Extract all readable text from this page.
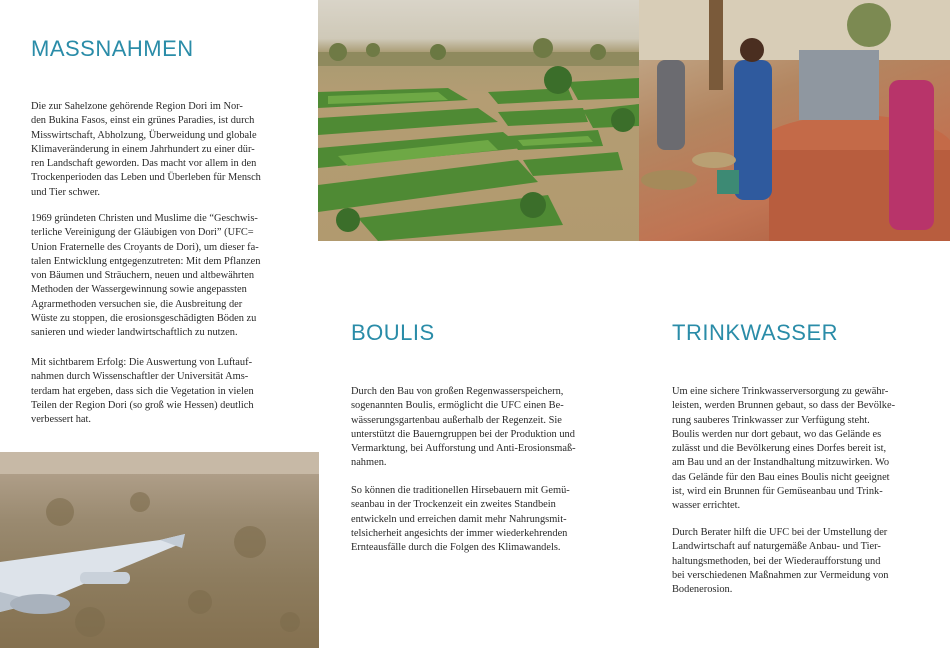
MASSNAHMEN

Die zur Sahelzone gehörende Region Dori im Nor-
den Bukina Fasos, einst ein grünes Paradies, ist durch
Misswirtschaft, Abholzung, Überweidung und globale
Klimaveränderung in einem Jahrhundert zu einer dür-
ren Landschaft geworden. Das macht vor allem in den
Trockenperioden das Leben und Überleben für Mensch
und Tier schwer.

1969 gründeten Christen und Muslime die “Geschwis-
terliche Vereinigung der Gläubigen von Dori” (UFC=
Union Fraternelle des Croyants de Dori), um dieser fa-
talen Entwicklung entgegenzutreten: Mit dem Pflanzen
von Bäumen und Sträuchern, neuen und altbewährten
Methoden der Wassergewinnung sowie angepassten
Agrarmethoden versuchen sie, die Ausbreitung der
Wüste zu stoppen, die erosionsgeschädigten Böden zu
sanieren und wieder landwirtschaftlich zu nutzen.

Mit sichtbarem Erfolg: Die Auswertung von Luftauf-
nahmen durch Wissenschaftler der Universität Ams-
terdam hat ergeben, dass sich die Vegetation in vielen
Teilen der Region Dori (so groß wie Hessen) deutlich
verbessert hat.

BOULIS

Durch den Bau von großen Regenwasserspeichern,
sogenannten Boulis, ermöglicht die UFC einen Be-
wässerungsgartenbau außerhalb der Regenzeit. Sie
unterstützt die Bauerngruppen bei der Produktion und
Vermarktung, bei Aufforstung und Anti-Erosionsmaß-
nahmen.

So können die traditionellen Hirsebauern mit Gemü-
seanbau in der Trockenzeit ein zweites Standbein
entwickeln und erreichen damit mehr Nahrungsmit-
telsicherheit angesichts der immer wiederkehrenden
Ernteausfälle durch die Folgen des Klimawandels.

TRINKWASSER

Um eine sichere Trinkwasserversorgung zu gewähr-
leisten, werden Brunnen gebaut, so dass der Bevölke-
rung sauberes Trinkwasser zur Verfügung steht.
Boulis werden nur dort gebaut, wo das Gelände es
zulässt und die Bevölkerung eines Dorfes bereit ist,
am Bau und an der Instandhaltung mitzuwirken. Wo
das Gelände für den Bau eines Boulis nicht geeignet
ist, wird ein Brunnen für Gemüseanbau und Trink-
wasser errichtet.

Durch Berater hilft die UFC bei der Umstellung der
Landwirtschaft auf naturgemäße Anbau- und Tier-
haltungsmethoden, bei der Wiederaufforstung und
bei verschiedenen Maßnahmen zur Vermeidung von
Bodenerosion.
